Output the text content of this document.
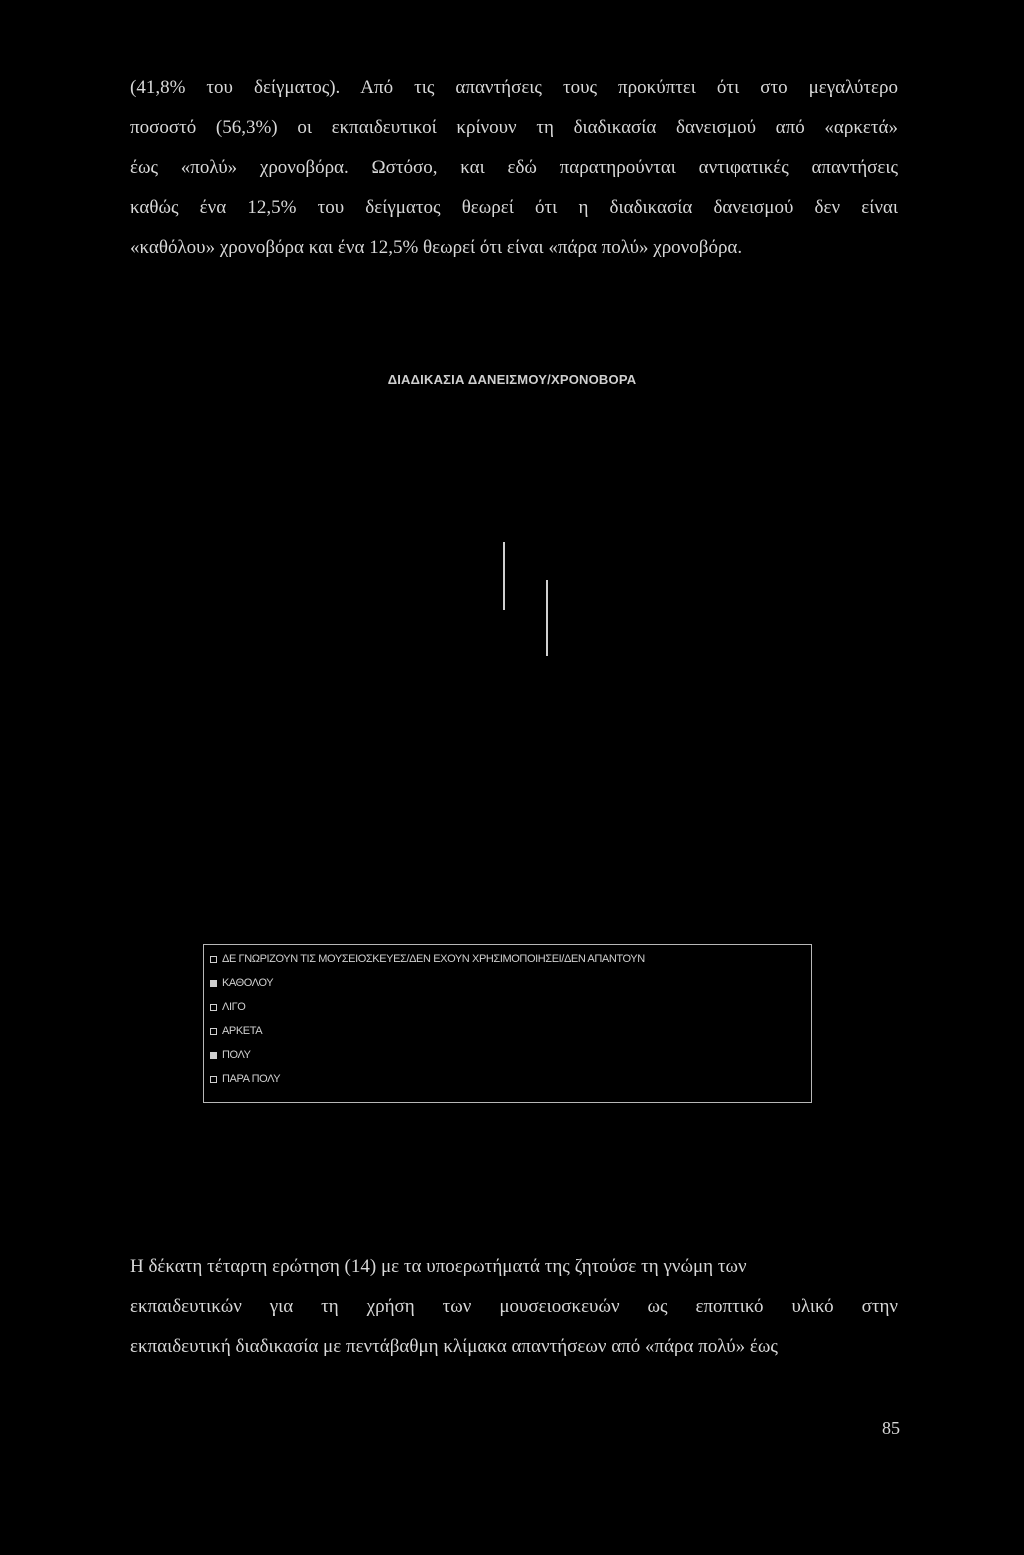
(41,8% του δείγματος). Από τις απαντήσεις τους προκύπτει ότι στο μεγαλύτερο
ποσοστό (56,3%) οι εκπαιδευτικοί κρίνουν τη διαδικασία δανεισμού από «αρκετά»
έως «πολύ» χρονοβόρα. Ωστόσο, και εδώ παρατηρούνται αντιφατικές απαντήσεις
καθώς ένα 12,5% του δείγματος θεωρεί ότι η διαδικασία δανεισμού δεν είναι
«καθόλου» χρονοβόρα και ένα 12,5% θεωρεί ότι είναι «πάρα πολύ» χρονοβόρα.
ΔΙΑΔΙΚΑΣΙΑ ΔΑΝΕΙΣΜΟΥ/ΧΡΟΝΟΒΟΡΑ
ΔΕ ΓΝΩΡΙΖΟΥΝ ΤΙΣ ΜΟΥΣΕΙΟΣΚΕΥΕΣ/ΔΕΝ ΕΧΟΥΝ ΧΡΗΣΙΜΟΠΟΙΗΣΕΙ/ΔΕΝ ΑΠΑΝΤΟΥΝ
ΚΑΘΟΛΟΥ
ΛΙΓΟ
ΑΡΚΕΤΑ
ΠΟΛΥ
ΠΑΡΑ ΠΟΛΥ
Η δέκατη τέταρτη ερώτηση (14) με τα υποερωτήματά της ζητούσε τη γνώμη των
εκπαιδευτικών για τη χρήση των μουσειοσκευών ως εποπτικό υλικό στην
εκπαιδευτική διαδικασία με πεντάβαθμη κλίμακα απαντήσεων από «πάρα πολύ» έως
85
